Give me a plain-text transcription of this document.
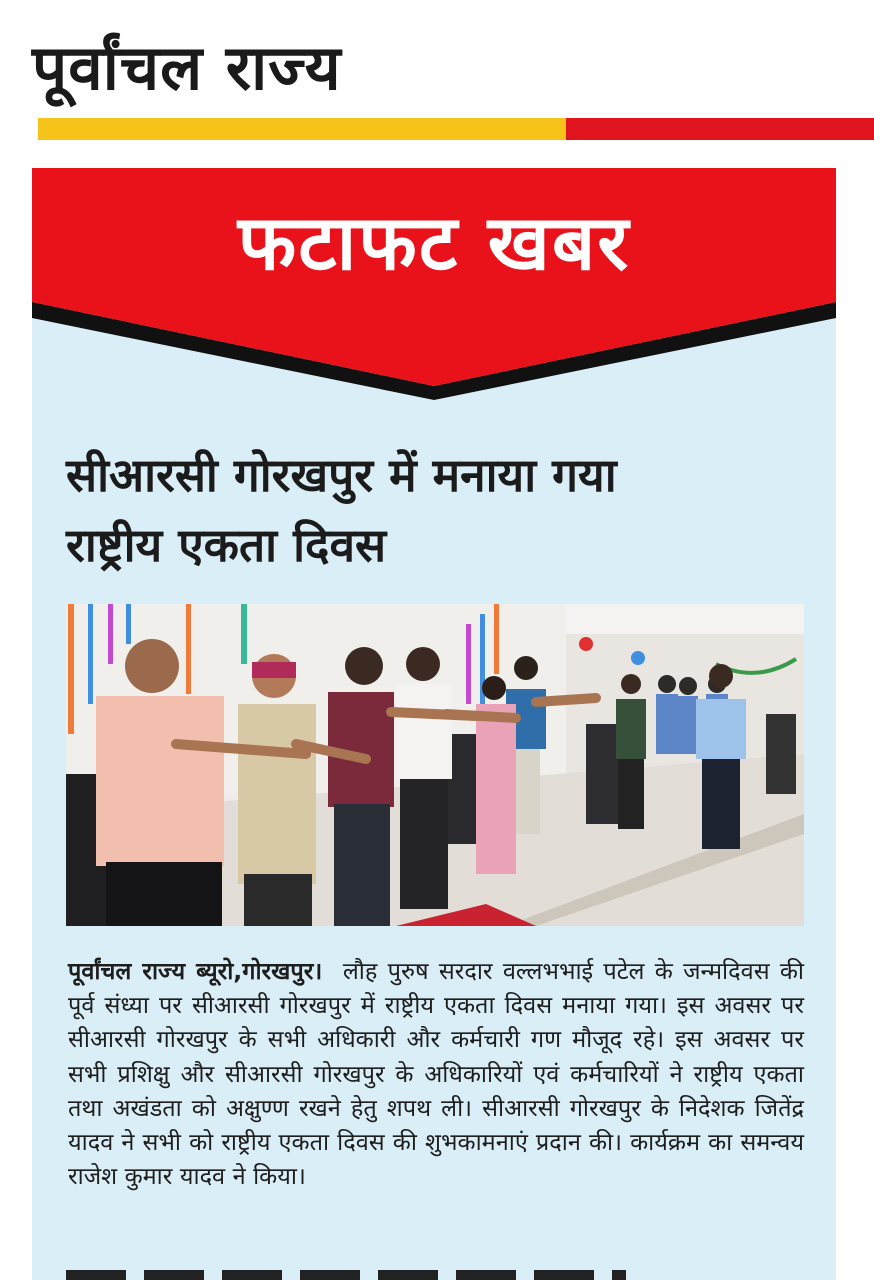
पूर्वांचल राज्य
फटाफट खबर
सीआरसी गोरखपुर में मनाया गया
राष्ट्रीय एकता दिवस
पूर्वांचल राज्य ब्यूरो,गोरखपुर। लौह पुरुष सरदार वल्लभभाई पटेल के जन्मदिवस की पूर्व संध्या पर सीआरसी गोरखपुर में राष्ट्रीय एकता दिवस मनाया गया। इस अवसर पर सीआरसी गोरखपुर के सभी अधिकारी और कर्मचारी गण मौजूद रहे। इस अवसर पर सभी प्रशिक्षु और सीआरसी गोरखपुर के अधिकारियों एवं कर्मचारियों ने राष्ट्रीय एकता तथा अखंडता को अक्षुण्ण रखने हेतु शपथ ली। सीआरसी गोरखपुर के निदेशक जितेंद्र यादव ने सभी को राष्ट्रीय एकता दिवस की शुभकामनाएं प्रदान की। कार्यक्रम का समन्वय राजेश कुमार यादव ने किया।
